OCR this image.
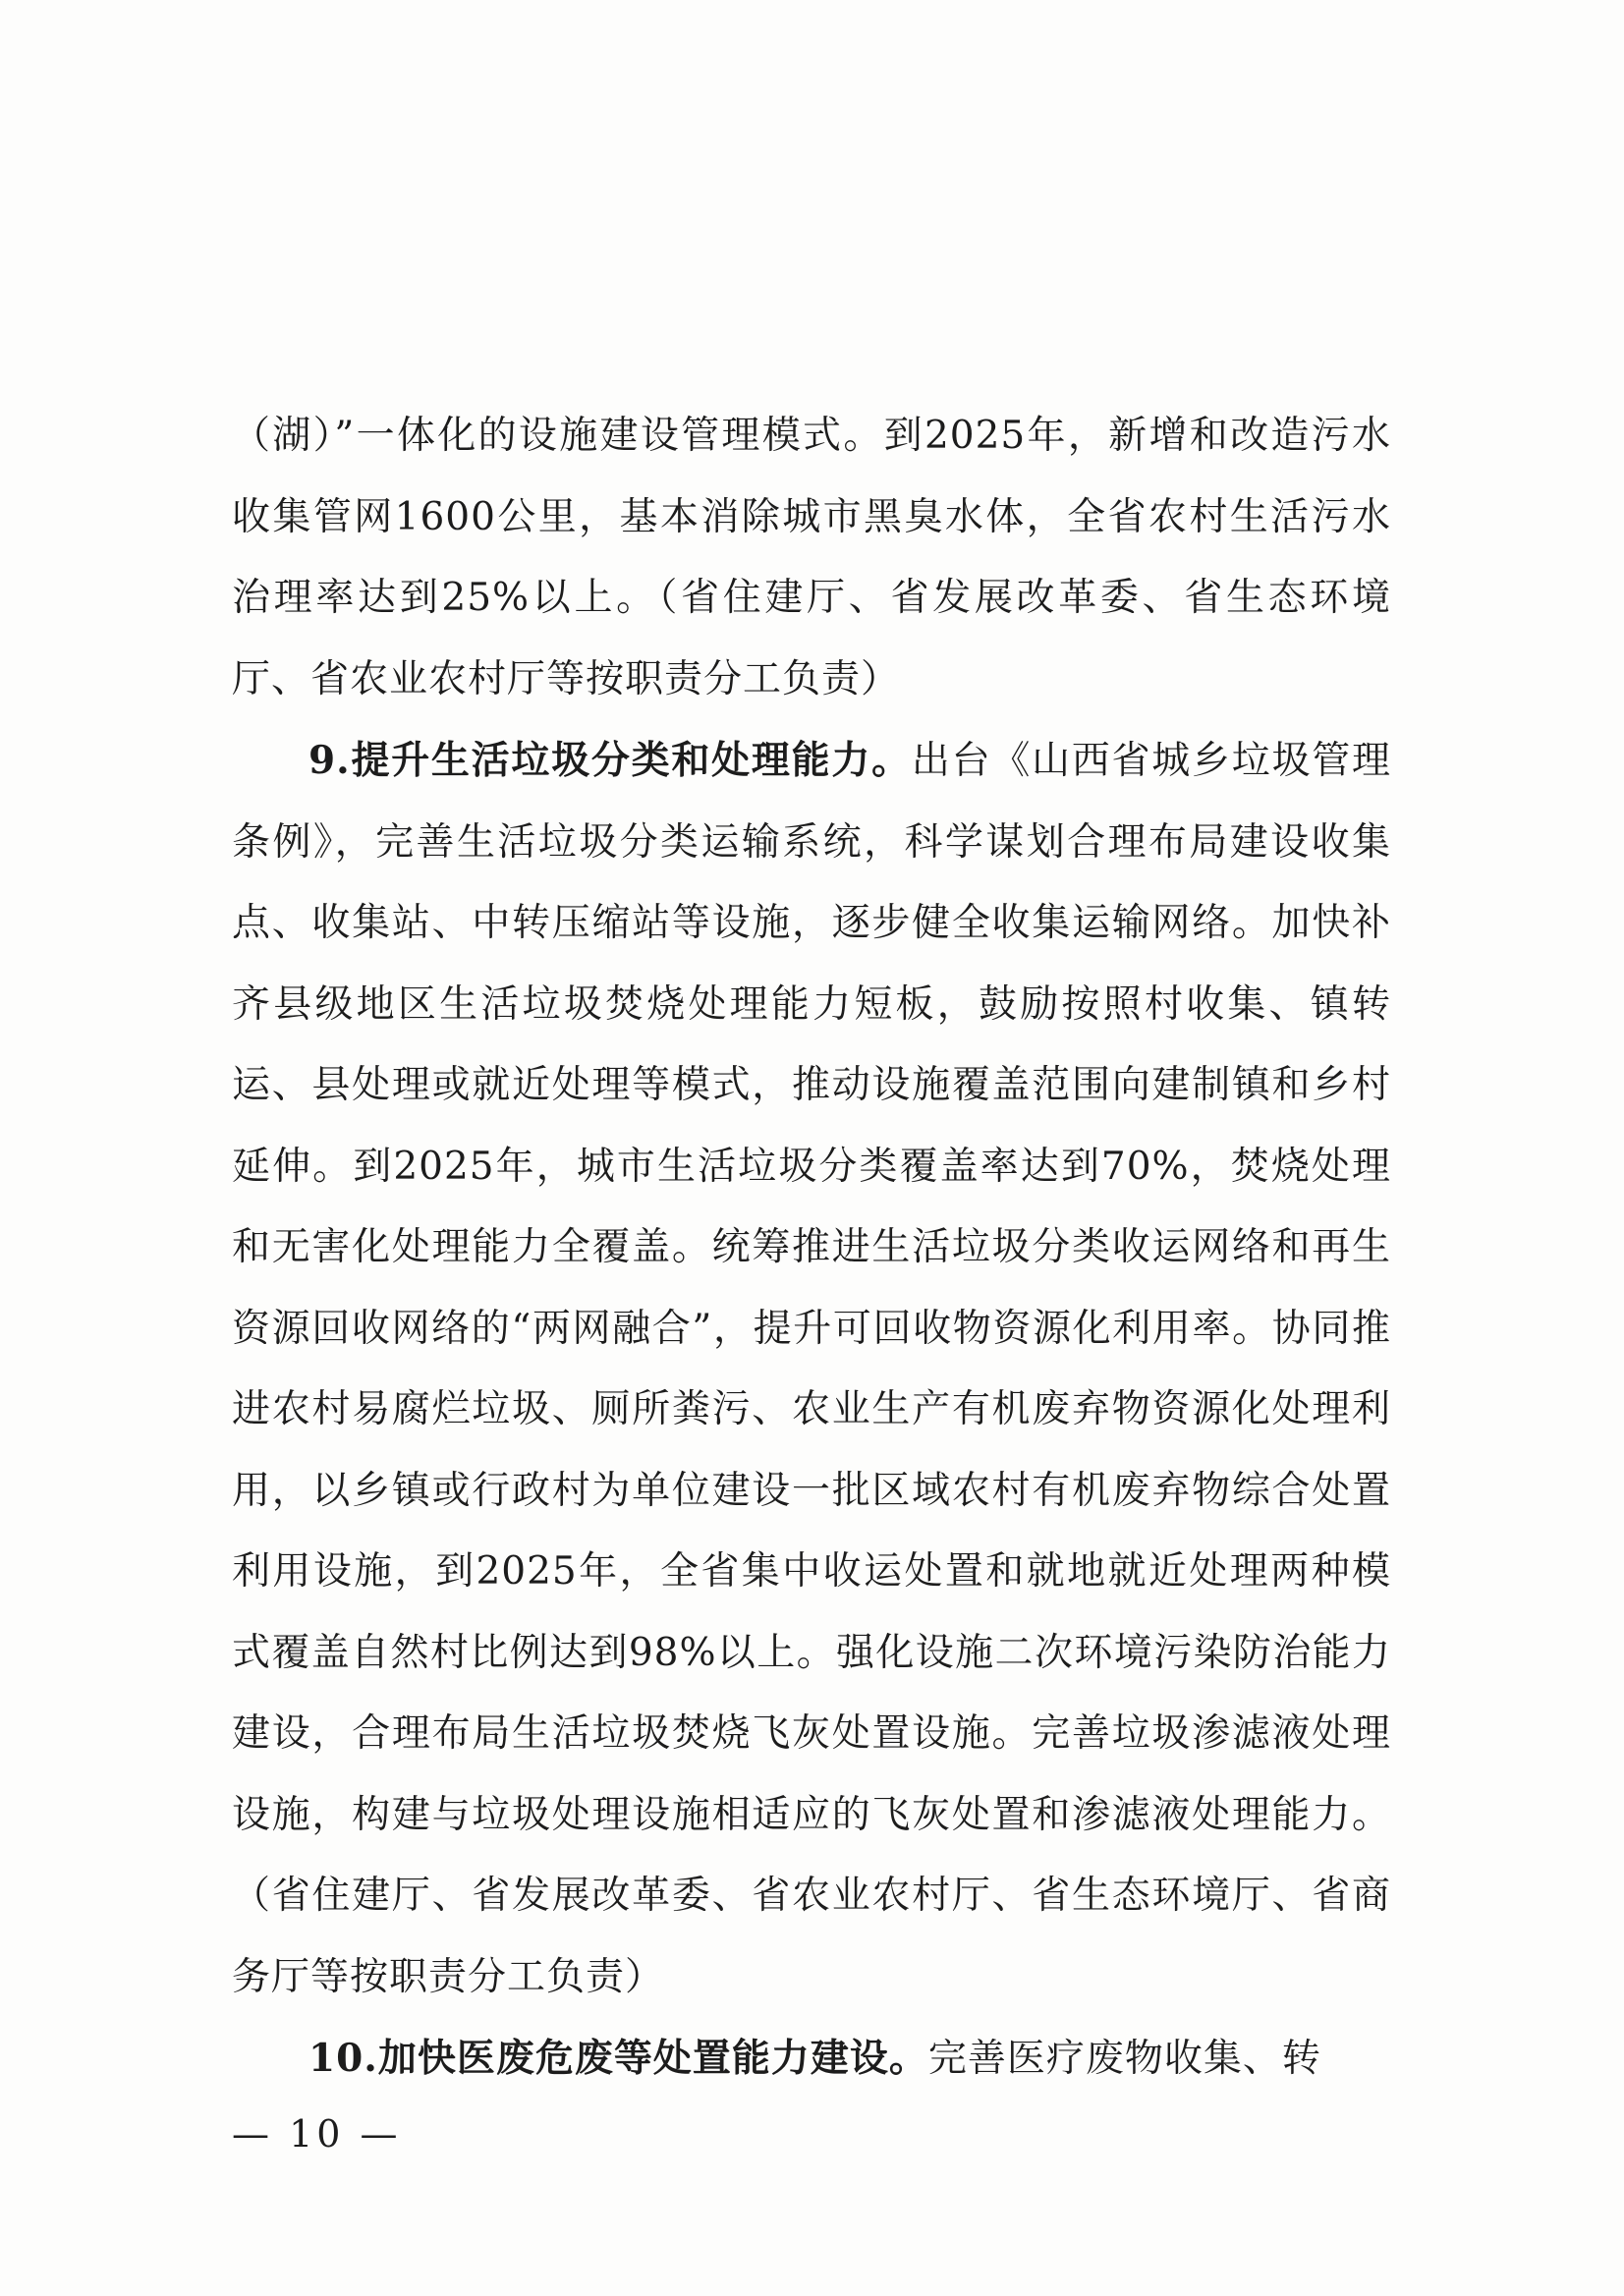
（湖）”一体化的设施建设管理模式。到2025年，新增和改造污水收集管网1600公里，基本消除城市黑臭水体，全省农村生活污水治理率达到25%以上。（省住建厅、省发展改革委、省生态环境厅、省农业农村厅等按职责分工负责）

9.提升生活垃圾分类和处理能力。出台《山西省城乡垃圾管理条例》，完善生活垃圾分类运输系统，科学谋划合理布局建设收集点、收集站、中转压缩站等设施，逐步健全收集运输网络。加快补齐县级地区生活垃圾焚烧处理能力短板，鼓励按照村收集、镇转运、县处理或就近处理等模式，推动设施覆盖范围向建制镇和乡村延伸。到2025年，城市生活垃圾分类覆盖率达到70%，焚烧处理和无害化处理能力全覆盖。统筹推进生活垃圾分类收运网络和再生资源回收网络的“两网融合”，提升可回收物资源化利用率。协同推进农村易腐烂垃圾、厕所粪污、农业生产有机废弃物资源化处理利用，以乡镇或行政村为单位建设一批区域农村有机废弃物综合处置利用设施，到2025年，全省集中收运处置和就地就近处理两种模式覆盖自然村比例达到98%以上。强化设施二次环境污染防治能力建设，合理布局生活垃圾焚烧飞灰处置设施。完善垃圾渗滤液处理设施，构建与垃圾处理设施相适应的飞灰处置和渗滤液处理能力。（省住建厅、省发展改革委、省农业农村厅、省生态环境厅、省商务厅等按职责分工负责）

10.加快医废危废等处置能力建设。完善医疗废物收集、转

— 10 —
